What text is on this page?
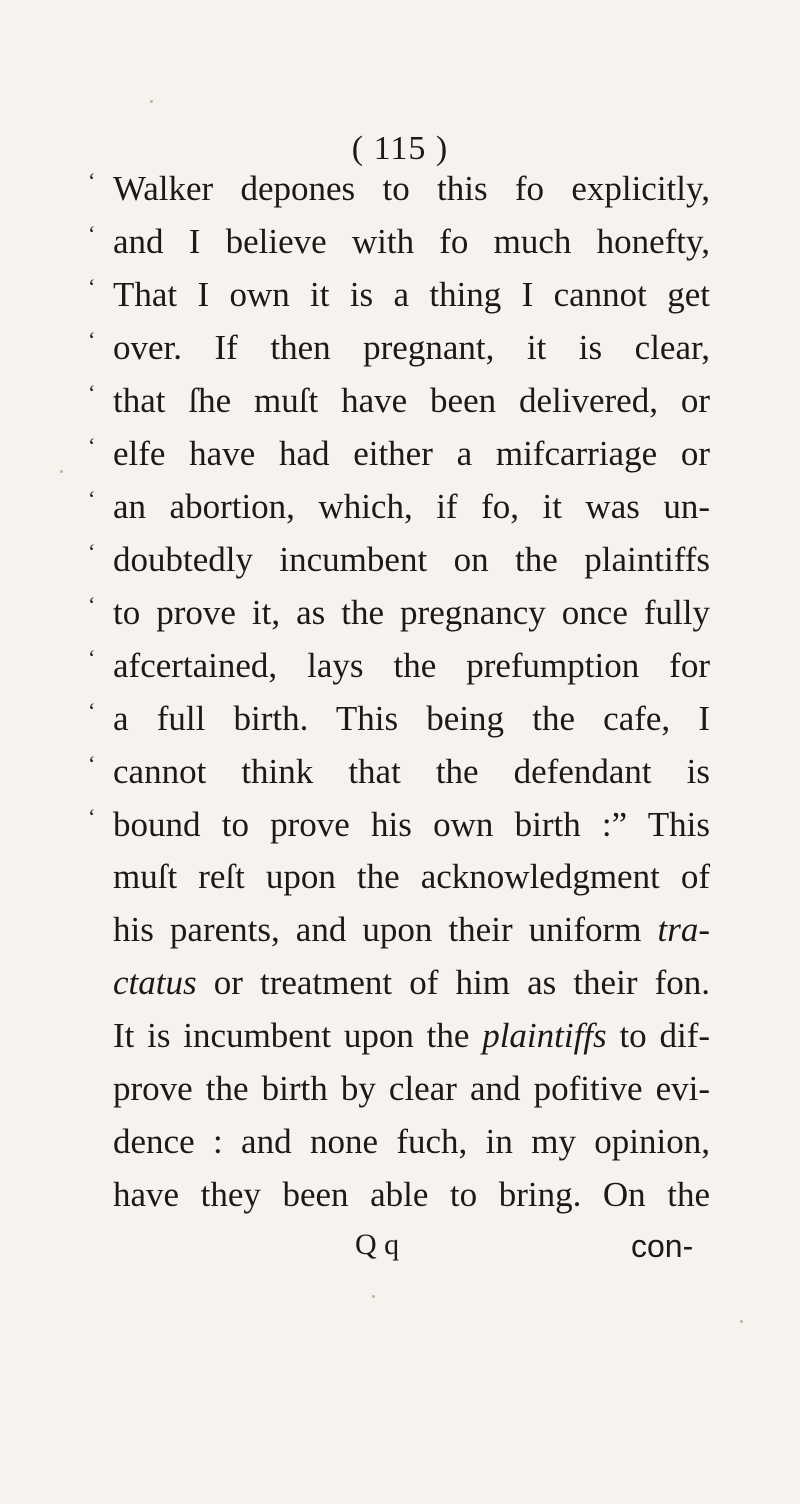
( 115 )
‘ Walker depones to this fo explicitly,
‘ and I believe with fo much honefty,
‘ That I own it is a thing I cannot get
‘ over. If then pregnant, it is clear,
‘ that ſhe muſt have been delivered, or
‘ elfe have had either a mifcarriage or
‘ an abortion, which, if fo, it was un-
‘ doubtedly incumbent on the plaintiffs
‘ to prove it, as the pregnancy once fully
‘ afcertained, lays the prefumption for
‘ a full birth. This being the cafe, I
‘ cannot think that the defendant is
‘ bound to prove his own birth :” This
muſt reſt upon the acknowledgment of
his parents, and upon their uniform tra-
ctatus or treatment of him as their fon.
It is incumbent upon the plaintiffs to dif-
prove the birth by clear and pofitive evi-
dence : and none fuch, in my opinion,
have they been able to bring. On the
Q q	con-
